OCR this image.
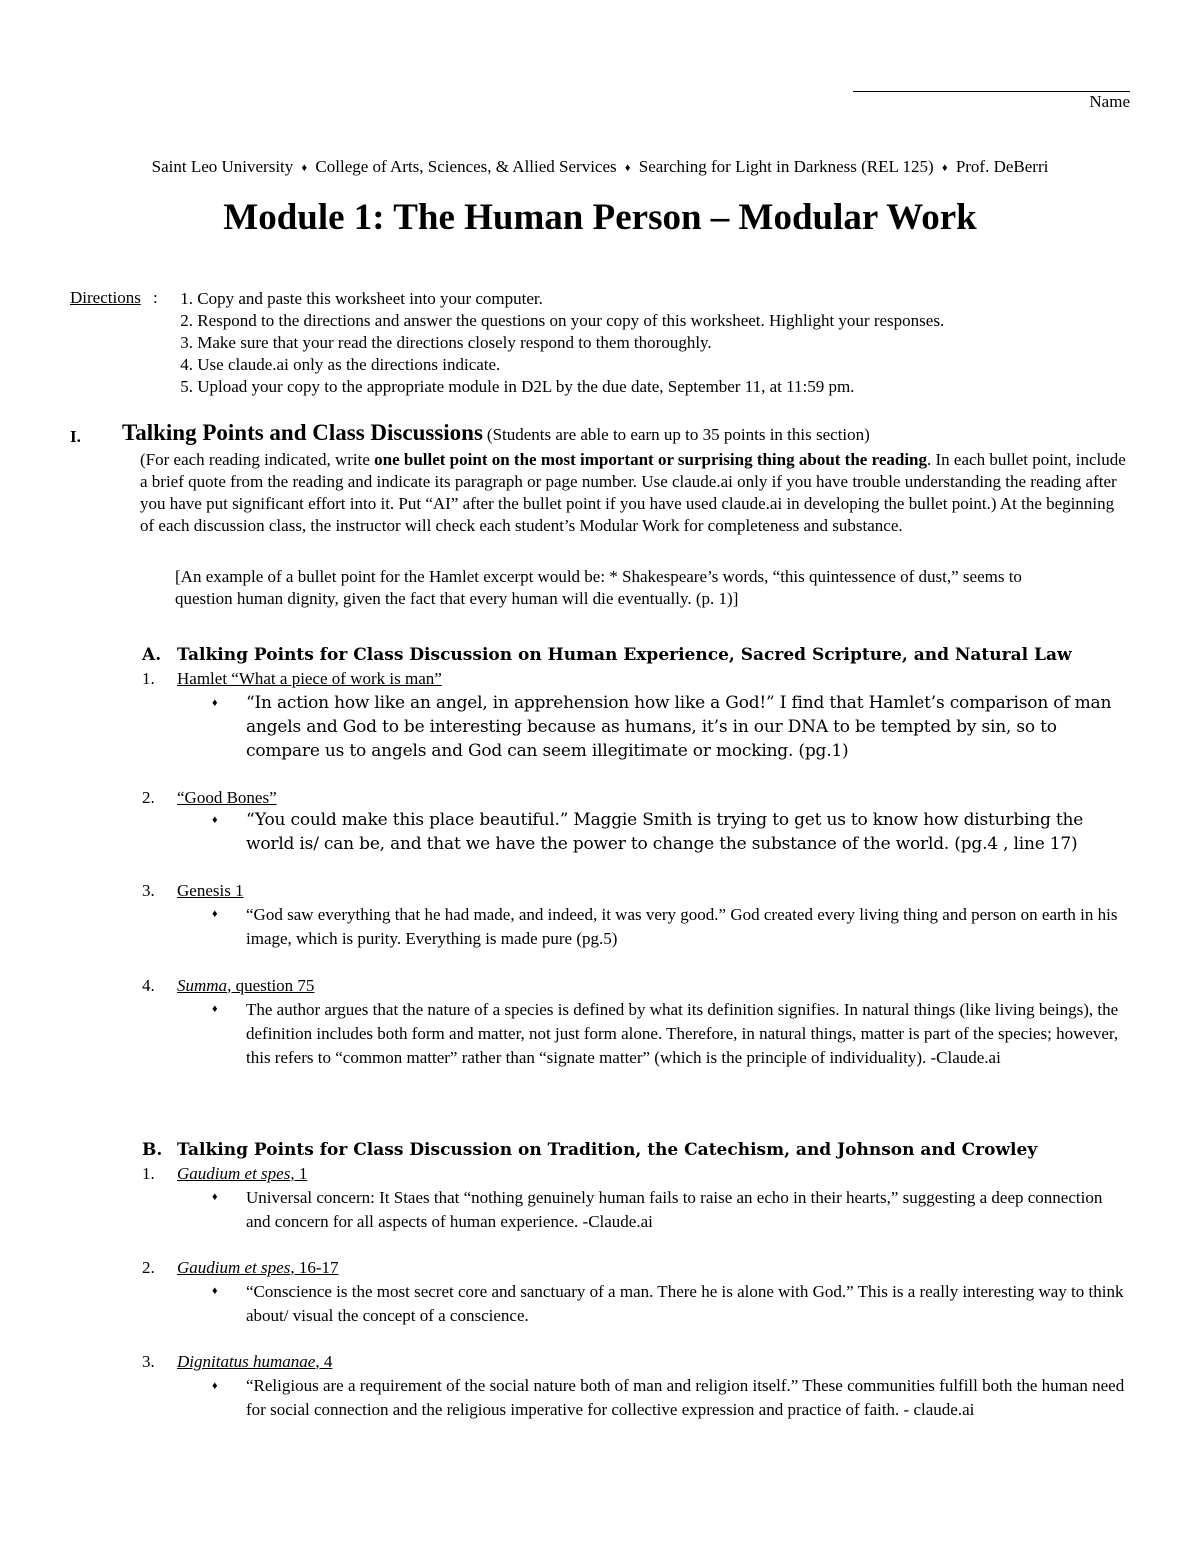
Name
Saint Leo University ♦ College of Arts, Sciences, & Allied Services ♦ Searching for Light in Darkness (REL 125) ♦ Prof. DeBerri
Module 1: The Human Person – Modular Work
Directions :	1. Copy and paste this worksheet into your computer.
2. Respond to the directions and answer the questions on your copy of this worksheet. Highlight your responses.
3. Make sure that your read the directions closely respond to them thoroughly.
4. Use claude.ai only as the directions indicate.
5. Upload your copy to the appropriate module in D2L by the due date, September 11, at 11:59 pm.
I. Talking Points and Class Discussions (Students are able to earn up to 35 points in this section)
(For each reading indicated, write one bullet point on the most important or surprising thing about the reading. In each bullet point, include a brief quote from the reading and indicate its paragraph or page number. Use claude.ai only if you have trouble understanding the reading after you have put significant effort into it. Put “AI” after the bullet point if you have used claude.ai in developing the bullet point.) At the beginning of each discussion class, the instructor will check each student’s Modular Work for completeness and substance.
[An example of a bullet point for the Hamlet excerpt would be: * Shakespeare’s words, “this quintessence of dust,” seems to question human dignity, given the fact that every human will die eventually. (p. 1)]
A. Talking Points for Class Discussion on Human Experience, Sacred Scripture, and Natural Law
1. Hamlet “What a piece of work is man”
♦ “In action how like an angel, in apprehension how like a God!” I find that Hamlet’s comparison of man angels and God to be interesting because as humans, it’s in our DNA to be tempted by sin, so to compare us to angels and God can seem illegitimate or mocking. (pg.1)
2. “Good Bones”
♦ “You could make this place beautiful.” Maggie Smith is trying to get us to know how disturbing the world is/ can be, and that we have the power to change the substance of the world. (pg.4 , line 17)
3. Genesis 1
♦ “God saw everything that he had made, and indeed, it was very good.” God created every living thing and person on earth in his image, which is purity. Everything is made pure (pg.5)
4. Summa, question 75
♦ The author argues that the nature of a species is defined by what its definition signifies. In natural things (like living beings), the definition includes both form and matter, not just form alone. Therefore, in natural things, matter is part of the species; however, this refers to “common matter” rather than “signate matter” (which is the principle of individuality). -Claude.ai
B. Talking Points for Class Discussion on Tradition, the Catechism, and Johnson and Crowley
1. Gaudium et spes, 1
♦ Universal concern: It Staes that “nothing genuinely human fails to raise an echo in their hearts,” suggesting a deep connection and concern for all aspects of human experience. -Claude.ai
2. Gaudium et spes, 16-17
♦ “Conscience is the most secret core and sanctuary of a man. There he is alone with God.” This is a really interesting way to think about/ visual the concept of a conscience.
3. Dignitatus humanae, 4
♦ “Religious are a requirement of the social nature both of man and religion itself.” These communities fulfill both the human need for social connection and the religious imperative for collective expression and practice of faith. - claude.ai
